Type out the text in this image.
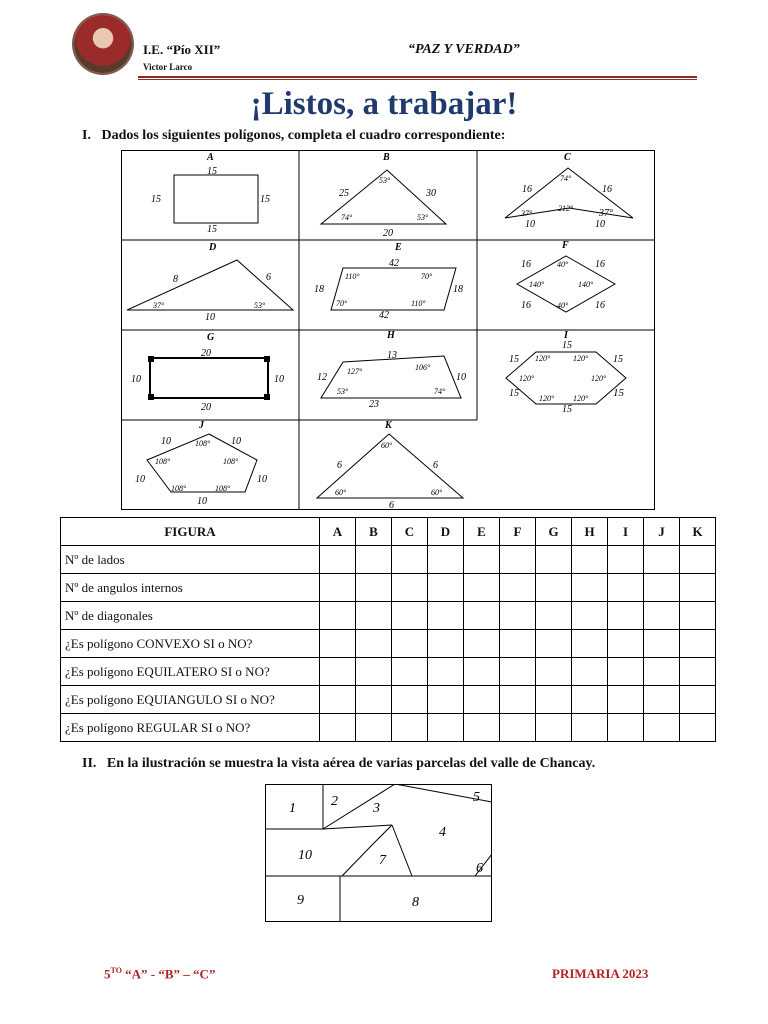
I.E. “Pío XII”
Victor Larco
“PAZ Y VERDAD”
¡Listos, a trabajar!
I. Dados los siguientes polígonos, completa el cuadro correspondiente:
A
15
15	15
15
B
25	30
20
53°
74°	53°
C
16	16
10	10
74°
212°
37°	37°
D
8	6
10
37°	53°
E
42
18	18
42
110°	70°
70°	110°
F
16	16
16	16
40°
140°	140°
40°
G
20
10	10
20
H
13
12	10
23
127°	106°
53°	74°
I
15
15	15
15	15
15
120°	120°
120°	120°
120° 120°
J
10	10
10	10
10
108°
108°	108°
108°	108°
K
6	6
6
60°
60°	60°
FIGURA	A	B	C	D	E	F	G	H	I	J	K
Nº de lados											
Nº de angulos internos											
Nº de diagonales											
¿Es polígono CONVEXO SI o NO?											
¿Es polígono EQUILATERO SI o NO?											
¿Es polígono EQUIANGULO SI o NO?											
¿Es polígono REGULAR SI o NO?											
II. En la ilustración se muestra la vista aérea de varias parcelas del valle de Chancay.
1	2	3
4
5
6
7
8
9
10
$5^{TO}$ “A” - “B” – “C”	PRIMARIA 2023
